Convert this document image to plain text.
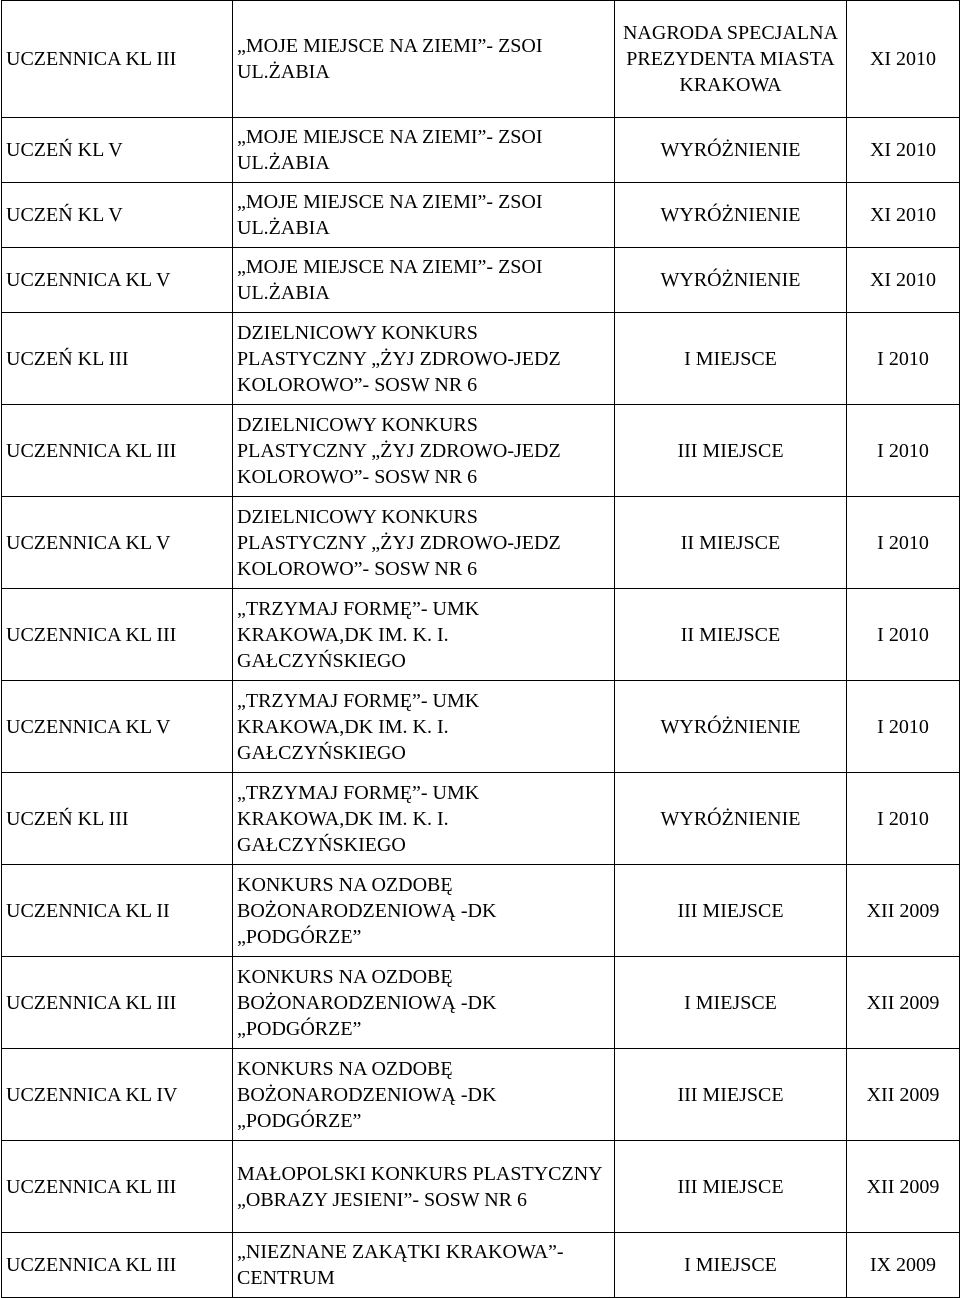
UCZENNICA KL III	„MOJE MIEJSCE NA ZIEMI”- ZSOI UL.ŻABIA	NAGRODA SPECJALNA PREZYDENTA MIASTA KRAKOWA	XI 2010
UCZEŃ KL V	„MOJE MIEJSCE NA ZIEMI”- ZSOI UL.ŻABIA	WYRÓŻNIENIE	XI 2010
UCZEŃ KL V	„MOJE MIEJSCE NA ZIEMI”- ZSOI UL.ŻABIA	WYRÓŻNIENIE	XI 2010
UCZENNICA KL V	„MOJE MIEJSCE NA ZIEMI”- ZSOI UL.ŻABIA	WYRÓŻNIENIE	XI 2010
UCZEŃ KL III	DZIELNICOWY KONKURS PLASTYCZNY „ŻYJ ZDROWO-JEDZ KOLOROWO”- SOSW NR 6	I MIEJSCE	I 2010
UCZENNICA KL III	DZIELNICOWY KONKURS PLASTYCZNY „ŻYJ ZDROWO-JEDZ KOLOROWO”- SOSW NR 6	III MIEJSCE	I 2010
UCZENNICA KL V	DZIELNICOWY KONKURS PLASTYCZNY „ŻYJ ZDROWO-JEDZ KOLOROWO”- SOSW NR 6	II MIEJSCE	I 2010
UCZENNICA KL III	„TRZYMAJ FORMĘ”- UMK KRAKOWA,DK IM. K. I. GAŁCZYŃSKIEGO	II MIEJSCE	I 2010
UCZENNICA KL V	„TRZYMAJ FORMĘ”- UMK KRAKOWA,DK IM. K. I. GAŁCZYŃSKIEGO	WYRÓŻNIENIE	I 2010
UCZEŃ KL III	„TRZYMAJ FORMĘ”- UMK KRAKOWA,DK IM. K. I. GAŁCZYŃSKIEGO	WYRÓŻNIENIE	I 2010
UCZENNICA KL II	KONKURS NA OZDOBĘ BOŻONARODZENIOWĄ -DK „PODGÓRZE”	III MIEJSCE	XII 2009
UCZENNICA KL III	KONKURS NA OZDOBĘ BOŻONARODZENIOWĄ -DK „PODGÓRZE”	I MIEJSCE	XII 2009
UCZENNICA KL IV	KONKURS NA OZDOBĘ BOŻONARODZENIOWĄ -DK „PODGÓRZE”	III MIEJSCE	XII 2009
UCZENNICA KL III	MAŁOPOLSKI KONKURS PLASTYCZNY „OBRAZY JESIENI”- SOSW NR 6	III MIEJSCE	XII 2009
UCZENNICA KL III	„NIEZNANE ZAKĄTKI KRAKOWA”- CENTRUM	I MIEJSCE	IX 2009
